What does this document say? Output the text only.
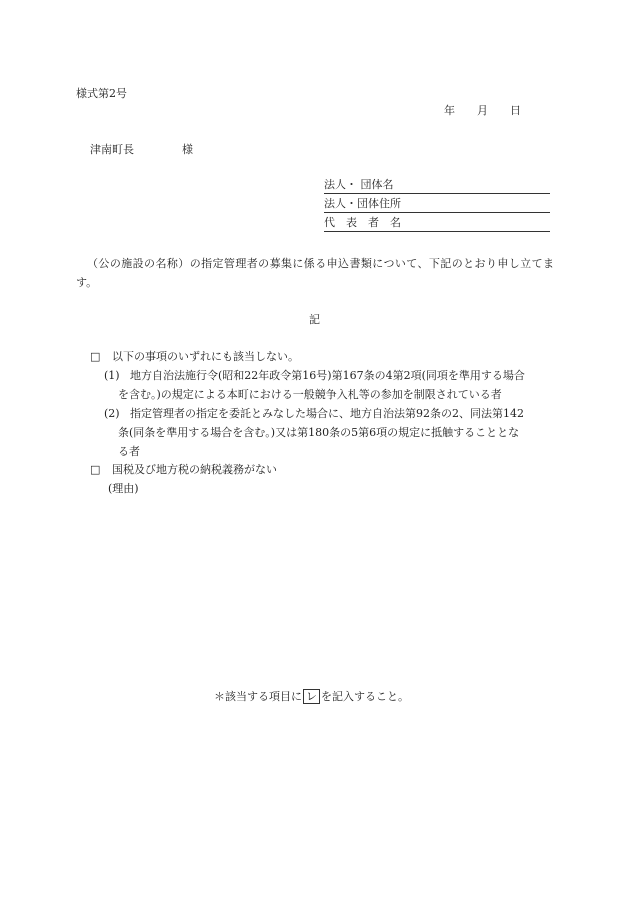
様式第2号
年 月 日
津南町長	様
法人・ 団体名
法人・団体住所
代　表　者　名
（公の施設の名称）の指定管理者の募集に係る申込書類について、下記のとおり申し立てます。
記
□ 以下の事項のいずれにも該当しない。
(1) 地方自治法施行令(昭和22年政令第16号)第167条の4第2項(同項を準用する場合
を含む。)の規定による本町における一般競争入札等の参加を制限されている者
(2) 指定管理者の指定を委託とみなした場合に、地方自治法第92条の2、同法第142
条(同条を準用する場合を含む。)又は第180条の5第6項の規定に抵触することとな
る者
□ 国税及び地方税の納税義務がない
(理由)
＊該当する項目に レ を記入すること。
